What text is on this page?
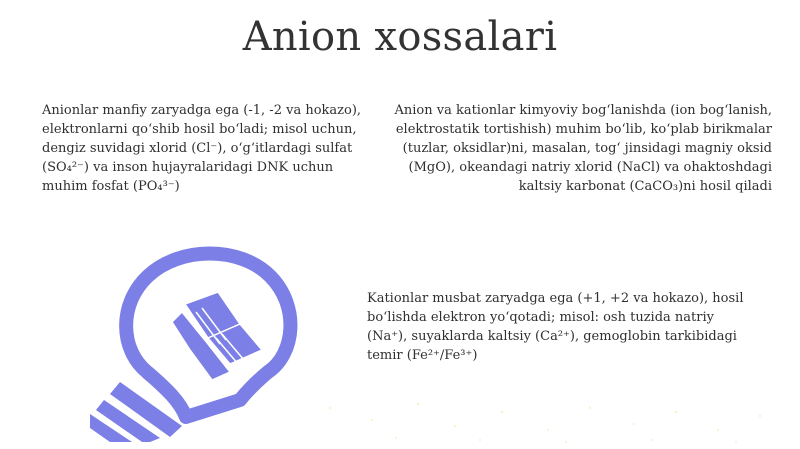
Anion xossalari
Anionlar manfiy zaryadga ega (-1, -2 va hokazo), elektronlarni qo‘shib hosil bo‘ladi; misol uchun, dengiz suvidagi xlorid (Cl⁻), o‘g‘itlardagi sulfat (SO₄²⁻) va inson hujayralaridagi DNK uchun muhim fosfat (PO₄³⁻)
Anion va kationlar kimyoviy bog‘lanishda (ion bog‘lanish, elektrostatik tortishish) muhim bo‘lib, ko‘plab birikmalar (tuzlar, oksidlar)ni, masalan, tog‘ jinsidagi magniy oksid (MgO), okeandagi natriy xlorid (NaCl) va ohaktoshdagi kaltsiy karbonat (CaCO₃)ni hosil qiladi
Kationlar musbat zaryadga ega (+1, +2 va hokazo), hosil bo‘lishda elektron yo‘qotadi; misol: osh tuzida natriy (Na⁺), suyaklarda kaltsiy (Ca²⁺), gemoglobin tarkibidagi temir (Fe²⁺/Fe³⁺)
